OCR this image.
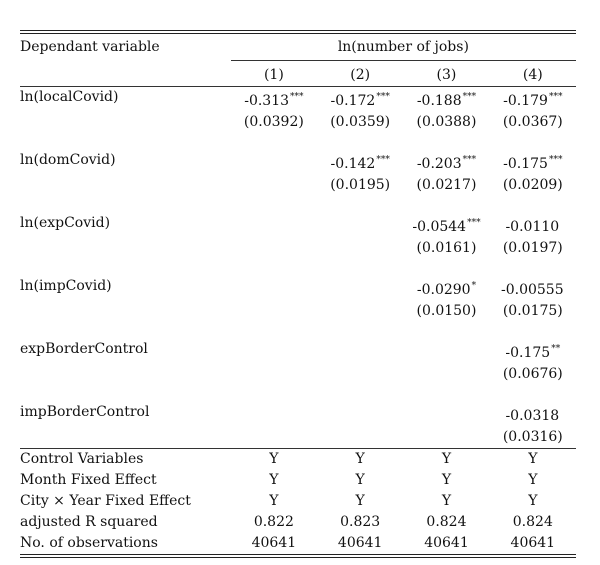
Dependant variable	ln(number of jobs)			
	(1)	(2)	(3)	(4)
ln(localCovid)	-0.313***	-0.172***	-0.188***	-0.179***
	(0.0392)	(0.0359)	(0.0388)	(0.0367)

ln(domCovid)		-0.142***	-0.203***	-0.175***
		(0.0195)	(0.0217)	(0.0209)

ln(expCovid)			-0.0544***	-0.0110
			(0.0161)	(0.0197)

ln(impCovid)			-0.0290*	-0.00555
			(0.0150)	(0.0175)

expBorderControl				-0.175**
				(0.0676)

impBorderControl				-0.0318
				(0.0316)
Control Variables	Y	Y	Y	Y
Month Fixed Effect	Y	Y	Y	Y
City × Year Fixed Effect	Y	Y	Y	Y
adjusted R squared	0.822	0.823	0.824	0.824
No. of observations	40641	40641	40641	40641
